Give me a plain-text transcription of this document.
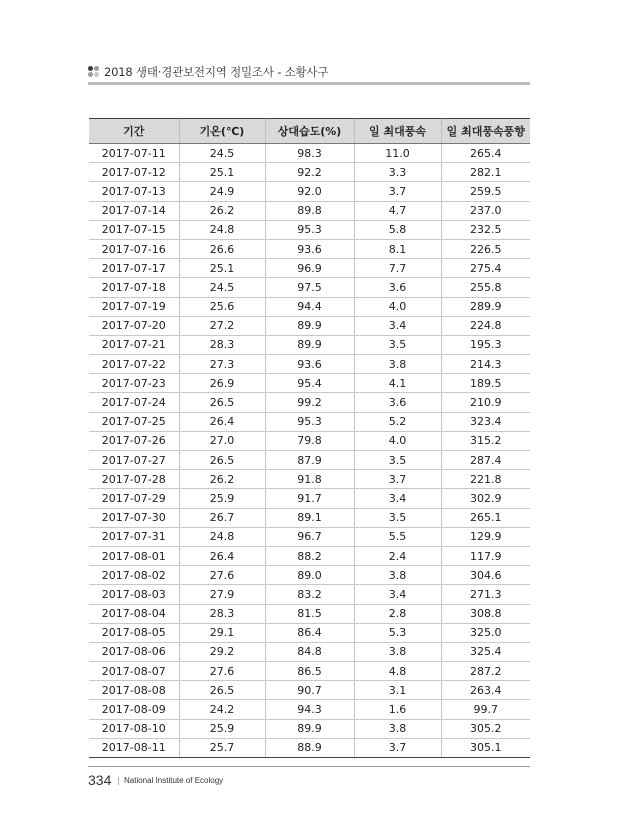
2018 생태·경관보전지역 정밀조사 - 소황사구
기간	기온(℃)	상대습도(%)	일 최대풍속	일 최대풍속풍향
2017-07-11	24.5	98.3	11.0	265.4
2017-07-12	25.1	92.2	3.3	282.1
2017-07-13	24.9	92.0	3.7	259.5
2017-07-14	26.2	89.8	4.7	237.0
2017-07-15	24.8	95.3	5.8	232.5
2017-07-16	26.6	93.6	8.1	226.5
2017-07-17	25.1	96.9	7.7	275.4
2017-07-18	24.5	97.5	3.6	255.8
2017-07-19	25.6	94.4	4.0	289.9
2017-07-20	27.2	89.9	3.4	224.8
2017-07-21	28.3	89.9	3.5	195.3
2017-07-22	27.3	93.6	3.8	214.3
2017-07-23	26.9	95.4	4.1	189.5
2017-07-24	26.5	99.2	3.6	210.9
2017-07-25	26.4	95.3	5.2	323.4
2017-07-26	27.0	79.8	4.0	315.2
2017-07-27	26.5	87.9	3.5	287.4
2017-07-28	26.2	91.8	3.7	221.8
2017-07-29	25.9	91.7	3.4	302.9
2017-07-30	26.7	89.1	3.5	265.1
2017-07-31	24.8	96.7	5.5	129.9
2017-08-01	26.4	88.2	2.4	117.9
2017-08-02	27.6	89.0	3.8	304.6
2017-08-03	27.9	83.2	3.4	271.3
2017-08-04	28.3	81.5	2.8	308.8
2017-08-05	29.1	86.4	5.3	325.0
2017-08-06	29.2	84.8	3.8	325.4
2017-08-07	27.6	86.5	4.8	287.2
2017-08-08	26.5	90.7	3.1	263.4
2017-08-09	24.2	94.3	1.6	99.7
2017-08-10	25.9	89.9	3.8	305.2
2017-08-11	25.7	88.9	3.7	305.1
334 | National Institute of Ecology
